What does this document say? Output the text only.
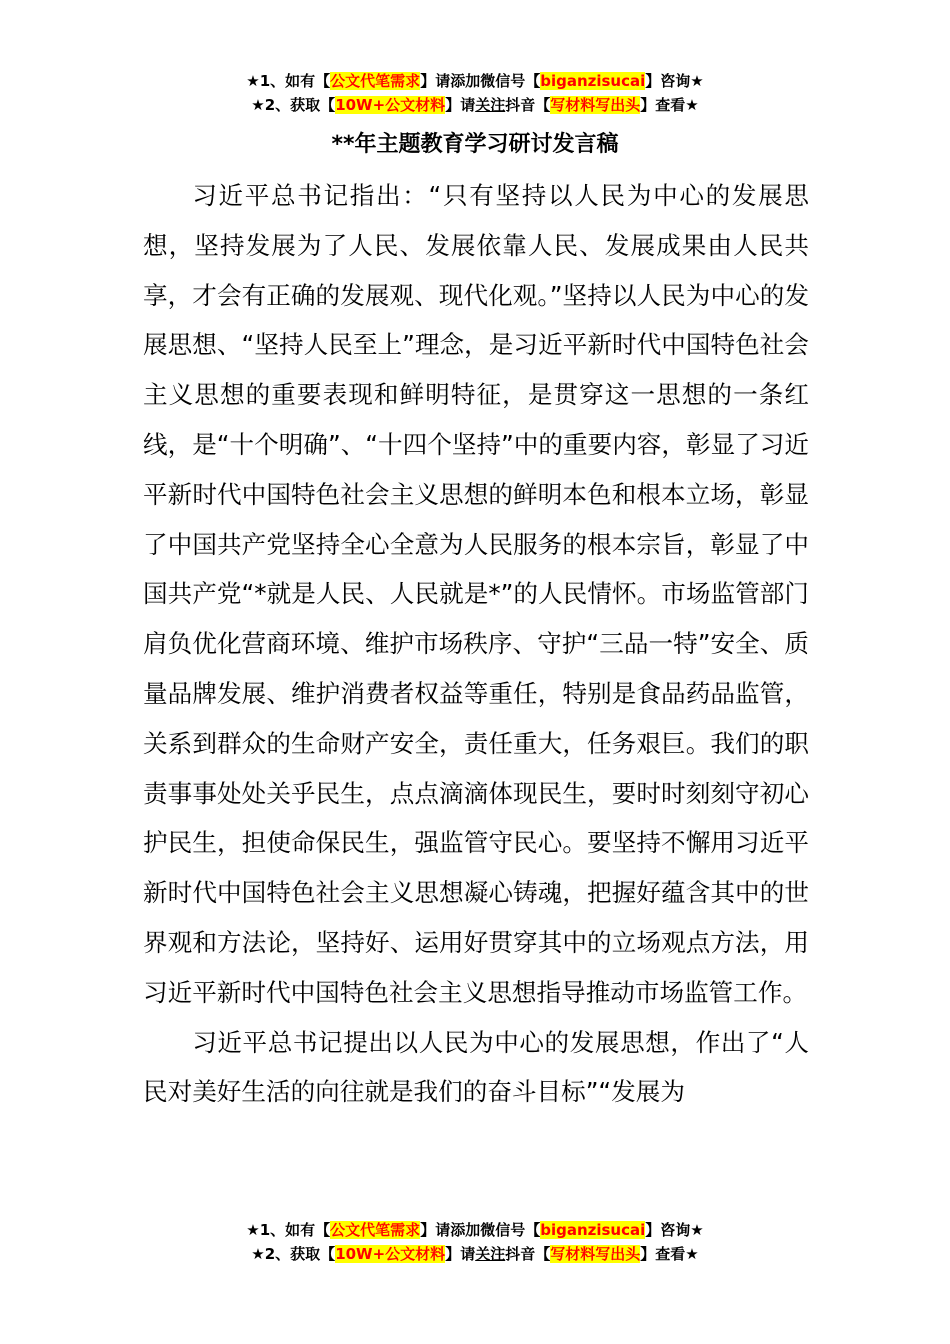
★1、如有【公文代笔需求】请添加微信号【biganzisucai】咨询★
★2、获取【10W+公文材料】请关注抖音【写材料写出头】查看★
**年主题教育学习研讨发言稿

习近平总书记指出：“只有坚持以人民为中心的发展思想，坚持发展为了人民、发展依靠人民、发展成果由人民共享，才会有正确的发展观、现代化观。”坚持以人民为中心的发展思想、“坚持人民至上”理念，是习近平新时代中国特色社会主义思想的重要表现和鲜明特征，是贯穿这一思想的一条红线，是“十个明确”、“十四个坚持”中的重要内容，彰显了习近平新时代中国特色社会主义思想的鲜明本色和根本立场，彰显了中国共产党坚持全心全意为人民服务的根本宗旨，彰显了中国共产党“*就是人民、人民就是*”的人民情怀。市场监管部门肩负优化营商环境、维护市场秩序、守护“三品一特”安全、质量品牌发展、维护消费者权益等重任，特别是食品药品监管，关系到群众的生命财产安全，责任重大，任务艰巨。我们的职责事事处处关乎民生，点点滴滴体现民生，要时时刻刻守初心护民生，担使命保民生，强监管守民心。要坚持不懈用习近平新时代中国特色社会主义思想凝心铸魂，把握好蕴含其中的世界观和方法论，坚持好、运用好贯穿其中的立场观点方法，用习近平新时代中国特色社会主义思想指导推动市场监管工作。

习近平总书记提出以人民为中心的发展思想，作出了“人民对美好生活的向往就是我们的奋斗目标”“发展为

★1、如有【公文代笔需求】请添加微信号【biganzisucai】咨询★
★2、获取【10W+公文材料】请关注抖音【写材料写出头】查看★
